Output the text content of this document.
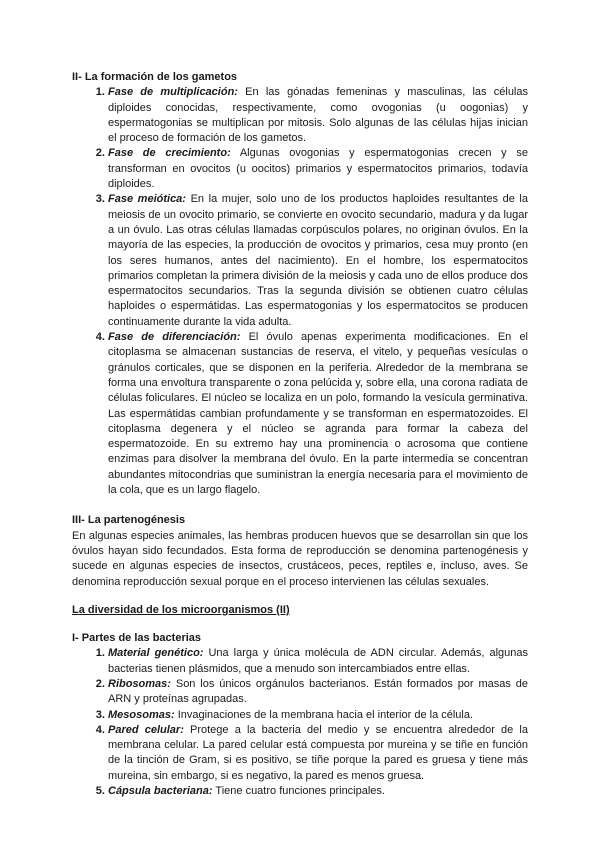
II- La formación de los gametos

1. Fase de multiplicación: En las gónadas femeninas y masculinas, las células diploides conocidas, respectivamente, como ovogonias (u oogonias) y espermatogonias se multiplican por mitosis. Solo algunas de las células hijas inician el proceso de formación de los gametos.
2. Fase de crecimiento: Algunas ovogonias y espermatogonias crecen y se transforman en ovocitos (u oocitos) primarios y espermatocitos primarios, todavía diploides.
3. Fase meiótica: En la mujer, solo uno de los productos haploides resultantes de la meiosis de un ovocito primario, se convierte en ovocito secundario, madura y da lugar a un óvulo. Las otras células llamadas corpúsculos polares, no originan óvulos. En la mayoría de las especies, la producción de ovocitos y primarios, cesa muy pronto (en los seres humanos, antes del nacimiento). En el hombre, los espermatocitos primarios completan la primera división de la meiosis y cada uno de ellos produce dos espermatocitos secundarios. Tras la segunda división se obtienen cuatro células haploides o espermátidas. Las espermatogonias y los espermatocitos se producen continuamente durante la vida adulta.
4. Fase de diferenciación: El óvulo apenas experimenta modificaciones. En el citoplasma se almacenan sustancias de reserva, el vitelo, y pequeñas vesículas o gránulos corticales, que se disponen en la periferia. Alrededor de la membrana se forma una envoltura transparente o zona pelúcida y, sobre ella, una corona radiata de células foliculares. El núcleo se localiza en un polo, formando la vesícula germinativa. Las espermátidas cambian profundamente y se transforman en espermatozoides. El citoplasma degenera y el núcleo se agranda para formar la cabeza del espermatozoide. En su extremo hay una prominencia o acrosoma que contiene enzimas para disolver la membrana del óvulo. En la parte intermedia se concentran abundantes mitocondrias que suministran la energía necesaria para el movimiento de la cola, que es un largo flagelo.

III- La partenogénesis

En algunas especies animales, las hembras producen huevos que se desarrollan sin que los óvulos hayan sido fecundados. Esta forma de reproducción se denomina partenogénesis y sucede en algunas especies de insectos, crustáceos, peces, reptiles e, incluso, aves. Se denomina reproducción sexual porque en el proceso intervienen las células sexuales.

La diversidad de los microorganismos (II)

I- Partes de las bacterias

1. Material genético: Una larga y única molécula de ADN circular. Además, algunas bacterias tienen plásmidos, que a menudo son intercambiados entre ellas.
2. Ribosomas: Son los únicos orgánulos bacterianos. Están formados por masas de ARN y proteínas agrupadas.
3. Mesosomas: Invaginaciones de la membrana hacia el interior de la célula.
4. Pared celular: Protege a la bacteria del medio y se encuentra alrededor de la membrana celular. La pared celular está compuesta por mureina y se tiñe en función de la tinción de Gram, si es positivo, se tiñe porque la pared es gruesa y tiene más mureina, sin embargo, si es negativo, la pared es menos gruesa.
5. Cápsula bacteriana: Tiene cuatro funciones principales.
